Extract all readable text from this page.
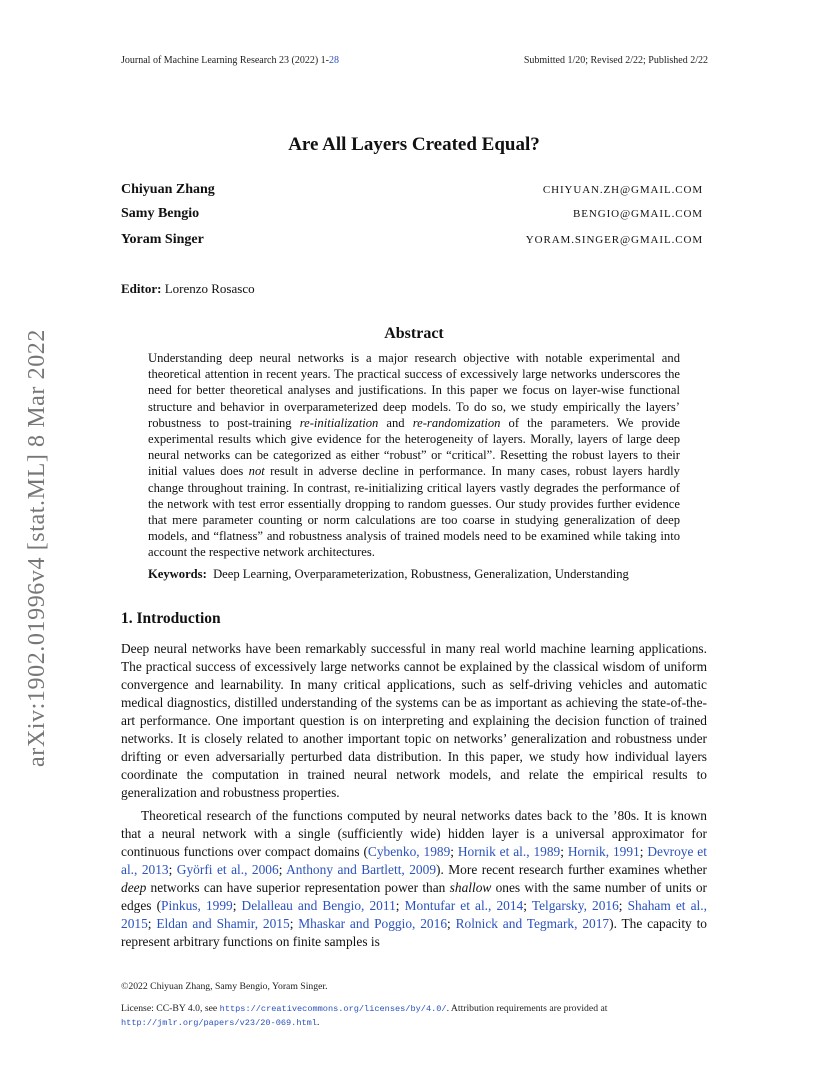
Journal of Machine Learning Research 23 (2022) 1-28	Submitted 1/20; Revised 2/22; Published 2/22
arXiv:1902.01996v4 [stat.ML] 8 Mar 2022
Are All Layers Created Equal?
Chiyuan Zhang	CHIYUAN.ZH@GMAIL.COM
Samy Bengio	BENGIO@GMAIL.COM
Yoram Singer	YORAM.SINGER@GMAIL.COM
Editor: Lorenzo Rosasco
Abstract

Understanding deep neural networks is a major research objective with notable experimental and theoretical attention in recent years. The practical success of excessively large networks underscores the need for better theoretical analyses and justifications. In this paper we focus on layer-wise functional structure and behavior in overparameterized deep models. To do so, we study empirically the layers’ robustness to post-training re-initialization and re-randomization of the parameters. We provide experimental results which give evidence for the heterogeneity of layers. Morally, layers of large deep neural networks can be categorized as either “robust” or “critical”. Resetting the robust layers to their initial values does not result in adverse decline in performance. In many cases, robust layers hardly change throughout training. In contrast, re-initializing critical layers vastly degrades the performance of the network with test error essentially dropping to random guesses. Our study provides further evidence that mere parameter counting or norm calculations are too coarse in studying generalization of deep models, and “flatness” and robustness analysis of trained models need to be examined while taking into account the respective network architectures.

Keywords: Deep Learning, Overparameterization, Robustness, Generalization, Understanding
1. Introduction

Deep neural networks have been remarkably successful in many real world machine learning applications. The practical success of excessively large networks cannot be explained by the classical wisdom of uniform convergence and learnability. In many critical applications, such as self-driving vehicles and automatic medical diagnostics, distilled understanding of the systems can be as important as achieving the state-of-the-art performance. One important question is on interpreting and explaining the decision function of trained networks. It is closely related to another important topic on networks’ generalization and robustness under drifting or even adversarially perturbed data distribution. In this paper, we study how individual layers coordinate the computation in trained neural network models, and relate the empirical results to generalization and robustness properties.

Theoretical research of the functions computed by neural networks dates back to the ’80s. It is known that a neural network with a single (sufficiently wide) hidden layer is a universal approximator for continuous functions over compact domains (Cybenko, 1989; Hornik et al., 1989; Hornik, 1991; Devroye et al., 2013; Györfi et al., 2006; Anthony and Bartlett, 2009). More recent research further examines whether deep networks can have superior representation power than shallow ones with the same number of units or edges (Pinkus, 1999; Delalleau and Bengio, 2011; Montufar et al., 2014; Telgarsky, 2016; Shaham et al., 2015; Eldan and Shamir, 2015; Mhaskar and Poggio, 2016; Rolnick and Tegmark, 2017). The capacity to represent arbitrary functions on finite samples is

©2022 Chiyuan Zhang, Samy Bengio, Yoram Singer.
License: CC-BY 4.0, see https://creativecommons.org/licenses/by/4.0/. Attribution requirements are provided at
http://jmlr.org/papers/v23/20-069.html.
